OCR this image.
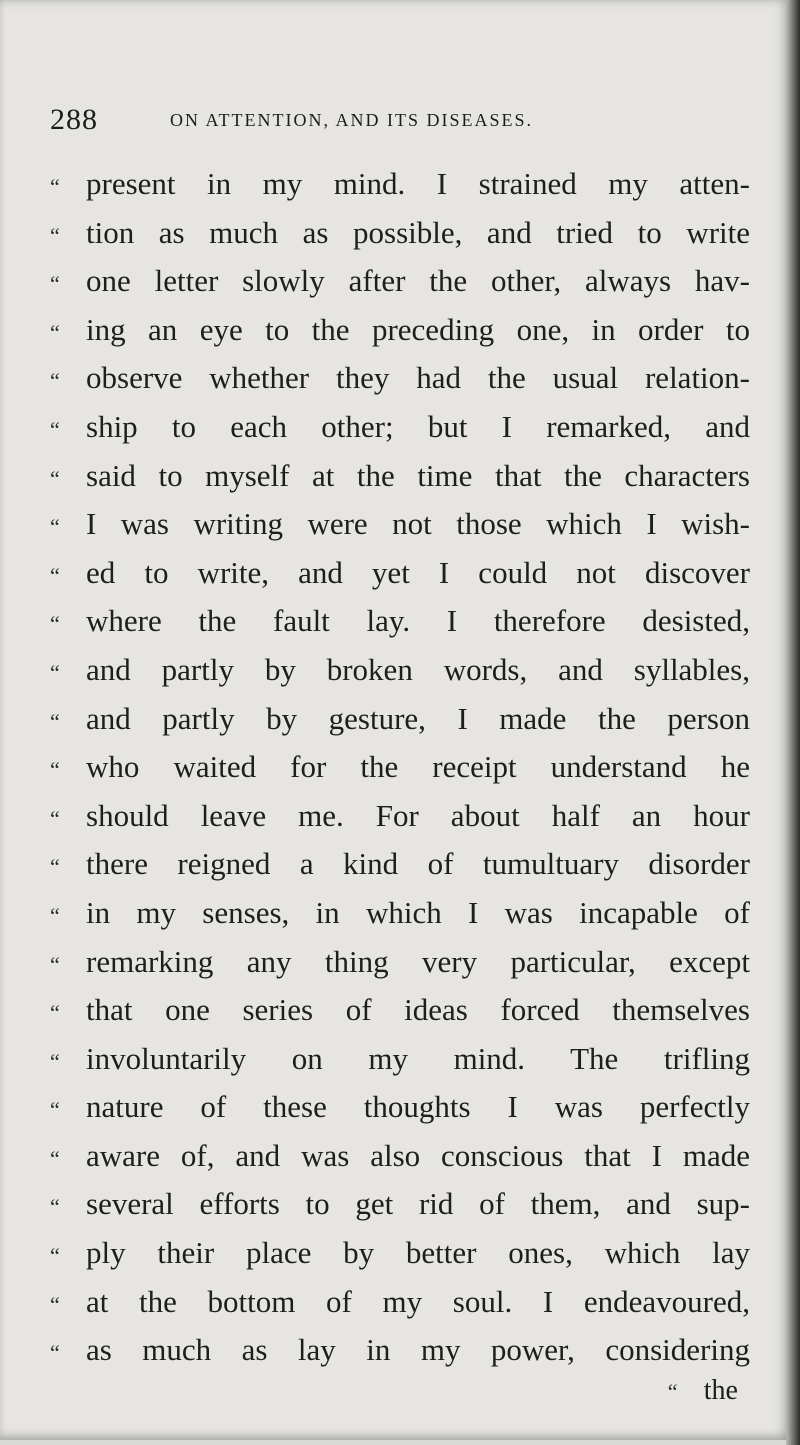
288	ON ATTENTION, AND ITS DISEASES.
“ present in my mind. I strained my atten-
“ tion as much as possible, and tried to write
“ one letter slowly after the other, always hav-
“ ing an eye to the preceding one, in order to
“ observe whether they had the usual relation-
“ ship to each other; but I remarked, and
“ said to myself at the time that the characters
“ I was writing were not those which I wish-
“ ed to write, and yet I could not discover
“ where the fault lay. I therefore desisted,
“ and partly by broken words, and syllables,
“ and partly by gesture, I made the person
“ who waited for the receipt understand he
“ should leave me. For about half an hour
“ there reigned a kind of tumultuary disorder
“ in my senses, in which I was incapable of
“ remarking any thing very particular, except
“ that one series of ideas forced themselves
“ involuntarily on my mind. The trifling
“ nature of these thoughts I was perfectly
“ aware of, and was also conscious that I made
“ several efforts to get rid of them, and sup-
“ ply their place by better ones, which lay
“ at the bottom of my soul. I endeavoured,
“ as much as lay in my power, considering
“ the
